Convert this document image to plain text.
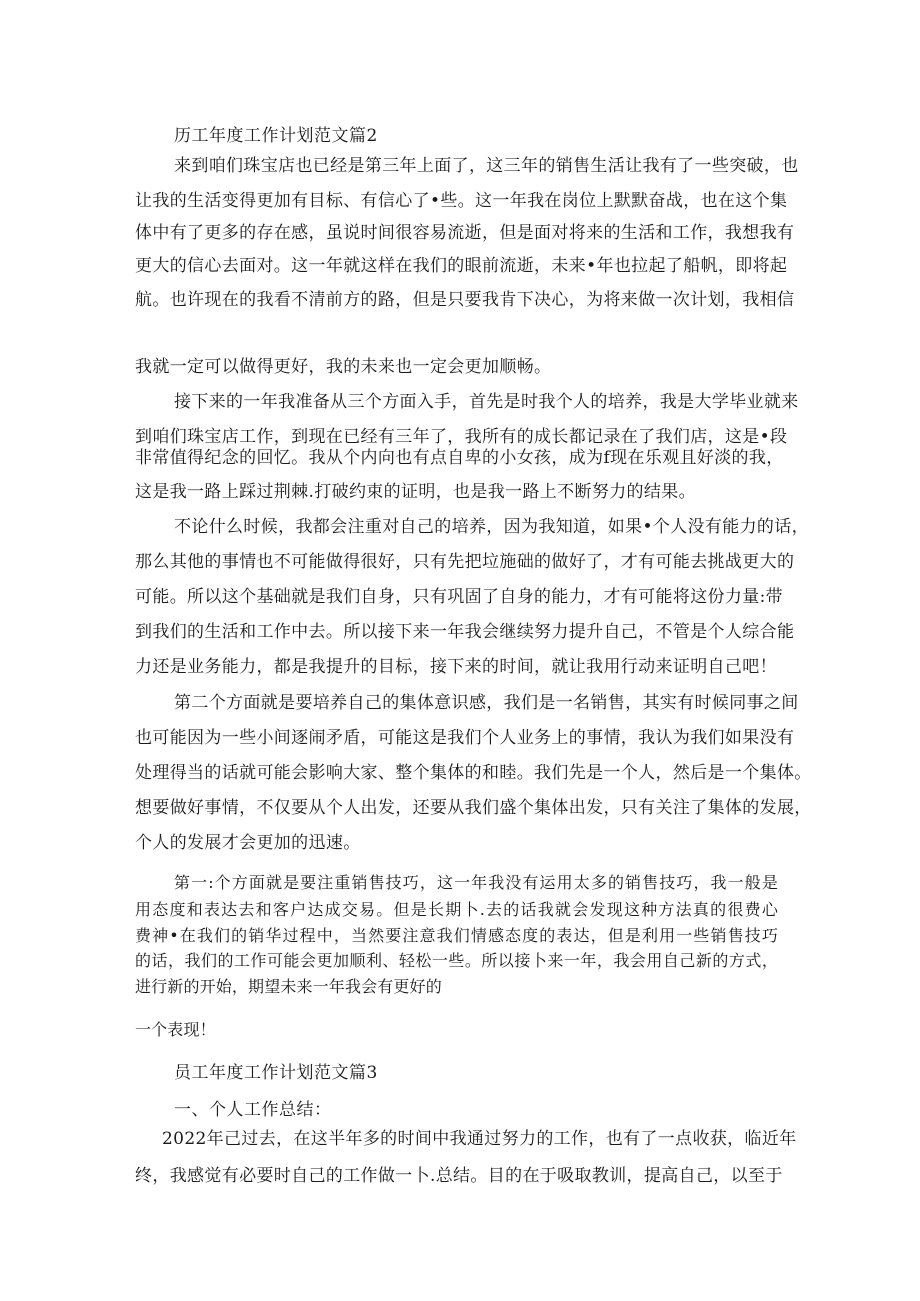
历工年度工作计划范文篇2

来到咱们珠宝店也已经是第三年上面了，这三年的销售生活让我有了一些突破，也

让我的生活变得更加有目标、有信心了•些。这一年我在岗位上默默奋战，也在这个集

体中有了更多的存在感，虽说时间很容易流逝，但是面对将来的生活和工作，我想我有

更大的信心去面对。这一年就这样在我们的眼前流逝，未来•年也拉起了船帆，即将起

航。也许现在的我看不清前方的路，但是只要我肯下决心，为将来做一次计划，我相信

我就一定可以做得更好，我的未来也一定会更加顺畅。

接下来的一年我准备从三个方面入手，首先是时我个人的培养，我是大学毕业就来

到咱们珠宝店工作，到现在已经有三年了，我所有的成长都记录在了我们店，这是•段

非常值得纪念的回忆。我从个内向也有点自卑的小女孩，成为f现在乐观且好淡的我，

这是我一路上踩过荆棘.打破约束的证明，也是我一路上不断努力的结果。

不论什么时候，我都会注重对自己的培养，因为我知道，如果•个人没有能力的话，

那么其他的事情也不可能做得很好，只有先把垃施础的做好了，才有可能去挑战更大的

可能。所以这个基础就是我们自身，只有巩固了自身的能力，才有可能将这份力量:带

到我们的生活和工作中去。所以接下来一年我会继续努力提升自己，不管是个人综合能

力还是业务能力，都是我提升的目标，接下来的时间，就让我用行动来证明自己吧！

第二个方面就是要培养自己的集体意识感，我们是一名销售，其实有时候同事之间

也可能因为一些小间逐闹矛盾，可能这是我们个人业务上的事情，我认为我们如果没有

处理得当的话就可能会影响大家、整个集体的和睦。我们先是一个人，然后是一个集体。

想要做好事情，不仅要从个人出发，还要从我们盛个集体出发，只有关注了集体的发展，

个人的发展才会更加的迅速。

第一:个方面就是要注重销售技巧，这一年我没有运用太多的销售技巧，我一般是

用态度和表达去和客户达成交易。但是长期卜.去的话我就会发现这种方法真的很费心

费神•在我们的销华过程中，当然要注意我们情感态度的表达，但是利用一些销售技巧

的话，我们的工作可能会更加顺利、轻松一些。所以接卜来一年，我会用自己新的方式，

进行新的开始，期望未来一年我会有更好的

一个表现！

员工年度工作计划范文篇3

一、个人工作总结：

2022年己过去，在这半年多的时间中我通过努力的工作，也有了一点收获，临近年

终，我感觉有必要时自己的工作做一卜.总结。目的在于吸取教训，提高自己，以至于
